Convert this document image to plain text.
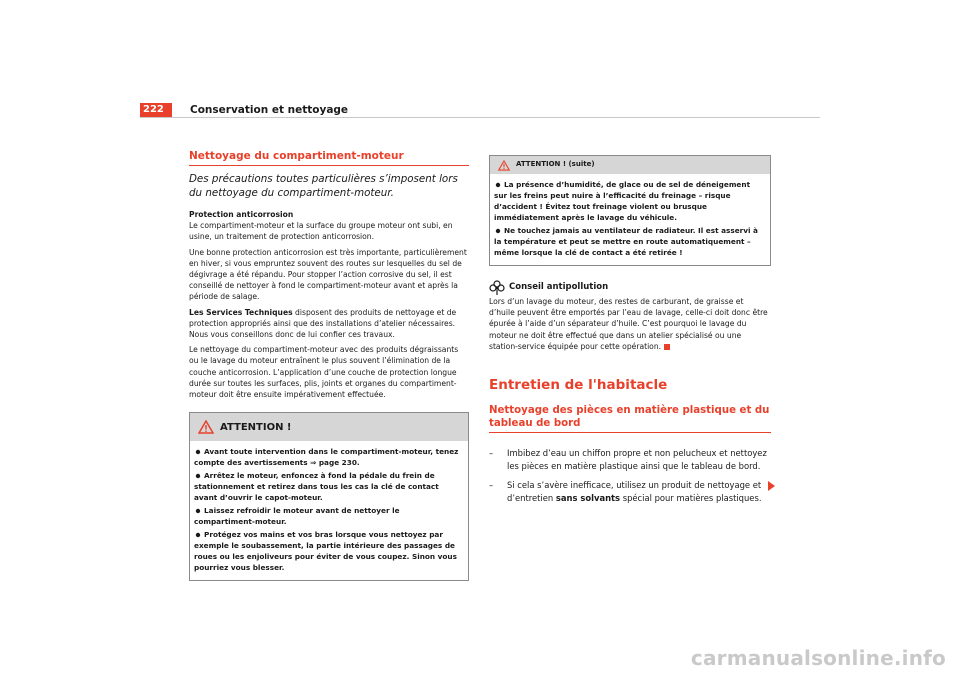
222	Conservation et nettoyage
Nettoyage du compartiment-moteur

Des précautions toutes particulières s’imposent lors du nettoyage du compartiment-moteur.

Protection anticorrosion

Le compartiment-moteur et la surface du groupe moteur ont subi, en usine, un traitement de protection anticorrosion.

Une bonne protection anticorrosion est très importante, particulièrement en hiver, si vous empruntez souvent des routes sur lesquelles du sel de dégivrage a été répandu. Pour stopper l’action corrosive du sel, il est conseillé de nettoyer à fond le compartiment-moteur avant et après la période de salage.

Les Services Techniques disposent des produits de nettoyage et de protection appropriés ainsi que des installations d’atelier nécessaires. Nous vous conseillons donc de lui confier ces travaux.

Le nettoyage du compartiment-moteur avec des produits dégraissants ou le lavage du moteur entraînent le plus souvent l’élimination de la couche anticorrosion. L’application d’une couche de protection longue durée sur toutes les surfaces, plis, joints et organes du compartiment-moteur doit être ensuite impérativement effectuée.

ATTENTION !
Avant toute intervention dans le compartiment-moteur, tenez compte des avertissements ⇒ page 230.
Arrêtez le moteur, enfoncez à fond la pédale du frein de stationnement et retirez dans tous les cas la clé de contact avant d’ouvrir le capot-moteur.
Laissez refroidir le moteur avant de nettoyer le compartiment-moteur.
Protégez vos mains et vos bras lorsque vous nettoyez par exemple le soubassement, la partie intérieure des passages de roues ou les enjoliveurs pour éviter de vous coupez. Sinon vous pourriez vous blesser.
ATTENTION ! (suite)
La présence d’humidité, de glace ou de sel de déneigement sur les freins peut nuire à l’efficacité du freinage – risque d’accident ! Évitez tout freinage violent ou brusque immédiatement après le lavage du véhicule.
Ne touchez jamais au ventilateur de radiateur. Il est asservi à la température et peut se mettre en route automatiquement – même lorsque la clé de contact a été retirée !
Conseil antipollution

Lors d’un lavage du moteur, des restes de carburant, de graisse et d’huile peuvent être emportés par l’eau de lavage, celle-ci doit donc être épurée à l’aide d’un séparateur d’huile. C’est pourquoi le lavage du moteur ne doit être effectué que dans un atelier spécialisé ou une station-service équipée pour cette opération.

Entretien de l'habitacle
Nettoyage des pièces en matière plastique et du tableau de bord
–	Imbibez d’eau un chiffon propre et non pelucheux et nettoyez les pièces en matière plastique ainsi que le tableau de bord.
–	Si cela s’avère inefficace, utilisez un produit de nettoyage et d’entretien sans solvants spécial pour matières plastiques.
carmanualsonline.info
